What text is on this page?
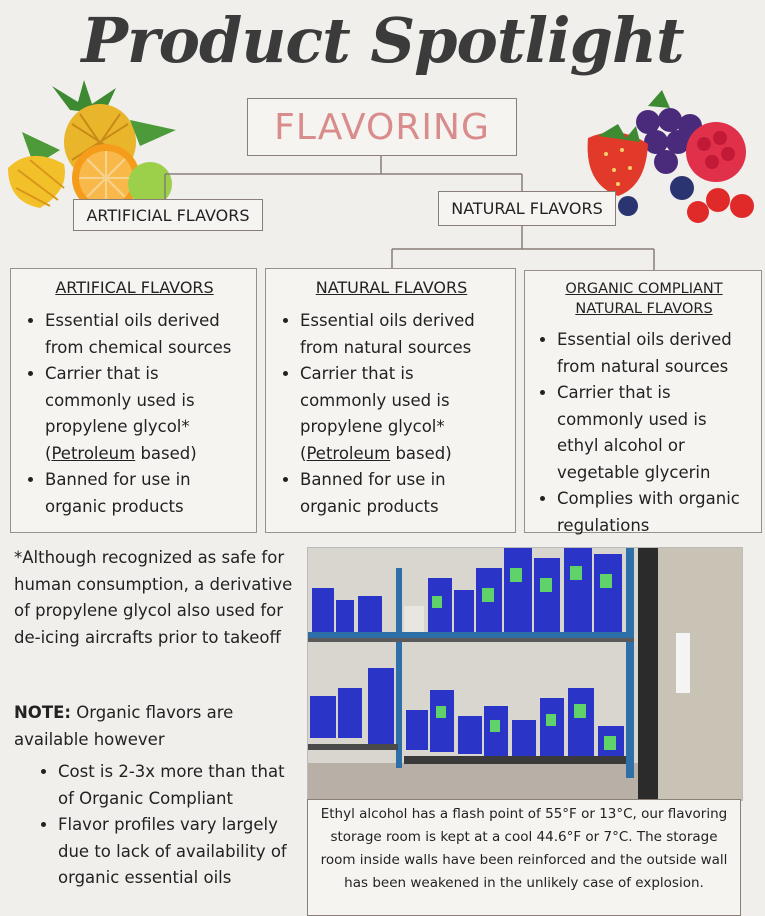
Product Spotlight
FLAVORING
ARTIFICIAL FLAVORS	NATURAL FLAVORS
ARTIFICAL FLAVORS
• Essential oils derived from chemical sources
• Carrier that is commonly used is propylene glycol* (Petroleum based)
• Banned for use in organic products
NATURAL FLAVORS
• Essential oils derived from natural sources
• Carrier that is commonly used is propylene glycol* (Petroleum based)
• Banned for use in organic products
ORGANIC COMPLIANT NATURAL FLAVORS
• Essential oils derived from natural sources
• Carrier that is commonly used is ethyl alcohol or vegetable glycerin
• Complies with organic regulations
*Although recognized as safe for human consumption, a derivative of propylene glycol also used for de-icing aircrafts prior to takeoff
NOTE: Organic flavors are available however
• Cost is 2-3x more than that of Organic Compliant
• Flavor profiles vary largely due to lack of availability of organic essential oils
Ethyl alcohol has a flash point of 55°F or 13°C, our flavoring storage room is kept at a cool 44.6°F or 7°C. The storage room inside walls have been reinforced and the outside wall has been weakened in the unlikely case of explosion.
